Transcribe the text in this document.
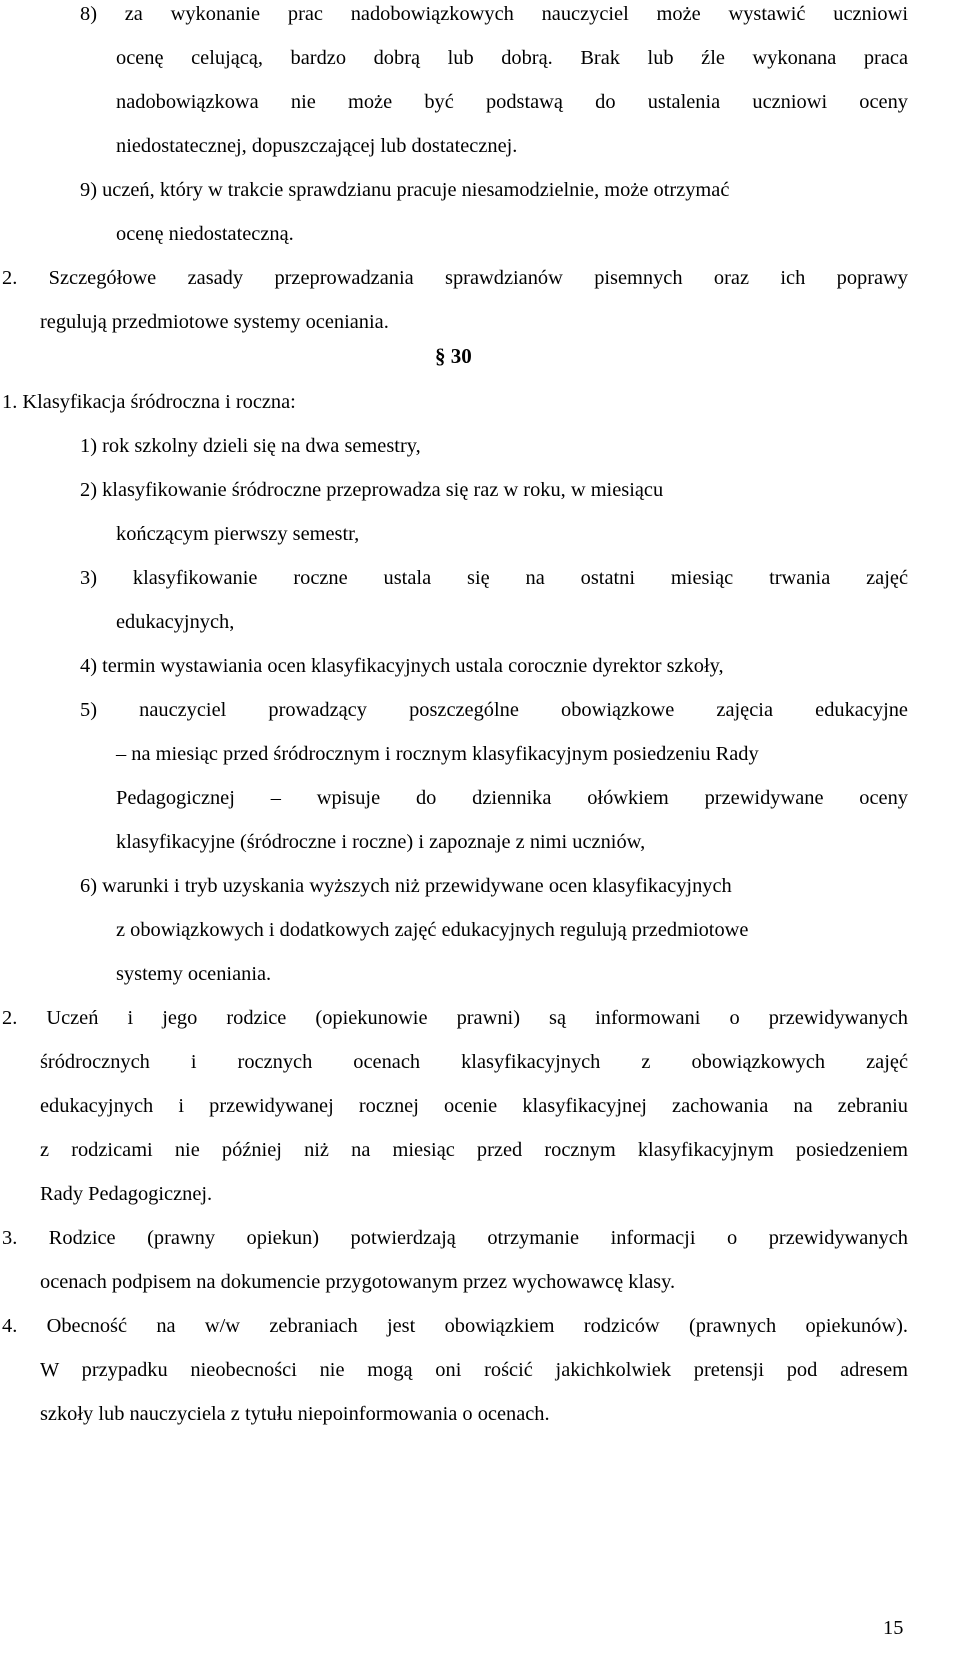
8) za wykonanie prac nadobowiązkowych nauczyciel może wystawić uczniowi
ocenę celującą, bardzo dobrą lub dobrą. Brak lub źle wykonana praca
nadobowiązkowa nie może być podstawą do ustalenia uczniowi oceny
niedostatecznej, dopuszczającej lub dostatecznej.
9) uczeń, który w trakcie sprawdzianu pracuje niesamodzielnie, może otrzymać
ocenę niedostateczną.
2. Szczegółowe zasady przeprowadzania sprawdzianów pisemnych oraz ich poprawy
regulują przedmiotowe systemy oceniania.
§ 30
1. Klasyfikacja śródroczna i roczna:
1) rok szkolny dzieli się na dwa semestry,
2) klasyfikowanie śródroczne przeprowadza się raz w roku, w miesiącu
kończącym pierwszy semestr,
3) klasyfikowanie roczne ustala się na ostatni miesiąc trwania zajęć
edukacyjnych,
4) termin wystawiania ocen klasyfikacyjnych ustala corocznie dyrektor szkoły,
5) nauczyciel prowadzący poszczególne obowiązkowe zajęcia edukacyjne
– na miesiąc przed śródrocznym i rocznym klasyfikacyjnym posiedzeniu Rady
Pedagogicznej – wpisuje do dziennika ołówkiem przewidywane oceny
klasyfikacyjne (śródroczne i roczne) i zapoznaje z nimi uczniów,
6) warunki i tryb uzyskania wyższych niż przewidywane ocen klasyfikacyjnych
z obowiązkowych i dodatkowych zajęć edukacyjnych regulują przedmiotowe
systemy oceniania.
2. Uczeń i jego rodzice (opiekunowie prawni) są informowani o przewidywanych
śródrocznych i rocznych ocenach klasyfikacyjnych z obowiązkowych zajęć
edukacyjnych i przewidywanej rocznej ocenie klasyfikacyjnej zachowania na zebraniu
z rodzicami nie później niż na miesiąc przed rocznym klasyfikacyjnym posiedzeniem
Rady Pedagogicznej.
3. Rodzice (prawny opiekun) potwierdzają otrzymanie informacji o przewidywanych
ocenach podpisem na dokumencie przygotowanym przez wychowawcę klasy.
4. Obecność na w/w zebraniach jest obowiązkiem rodziców (prawnych opiekunów).
W przypadku nieobecności nie mogą oni rościć jakichkolwiek pretensji pod adresem
szkoły lub nauczyciela z tytułu niepoinformowania o ocenach.
15
